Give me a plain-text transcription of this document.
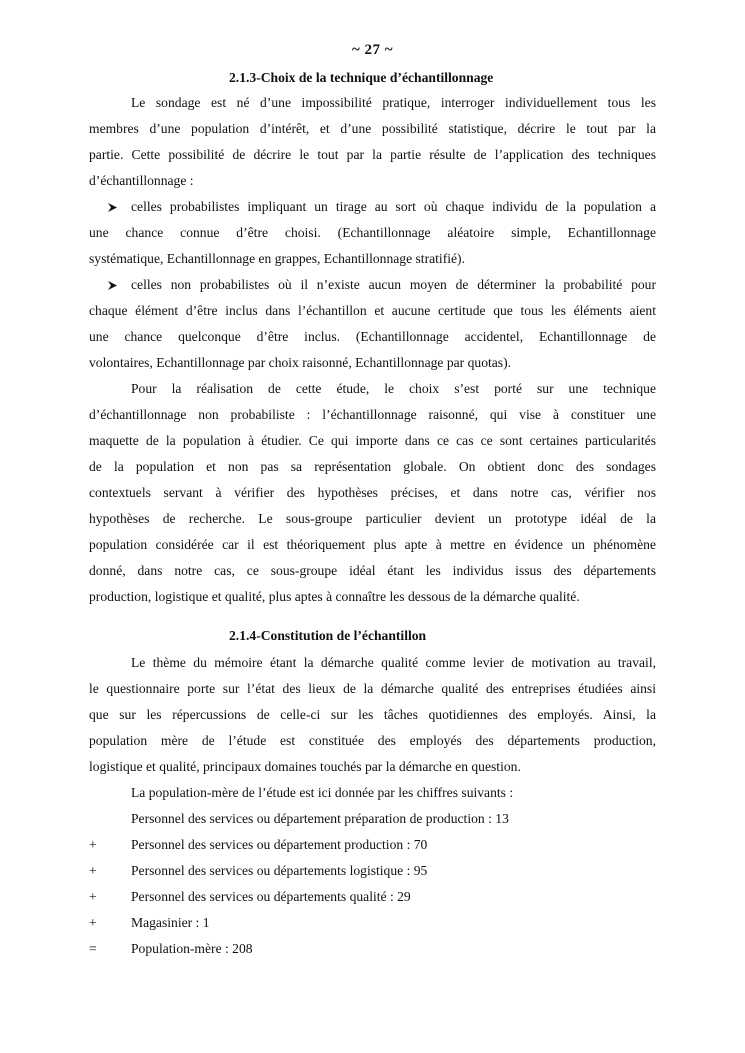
~ 27 ~
2.1.3-Choix de la technique d’échantillonnage
Le sondage est né d’une impossibilité pratique, interroger individuellement tous les
membres d’une population d’intérêt, et d’une possibilité statistique, décrire le tout par la
partie. Cette possibilité de décrire le tout par la partie résulte de l’application des techniques
d’échantillonnage :
celles probabilistes impliquant un tirage au sort où chaque individu de la population a
une chance connue d’être choisi. (Echantillonnage aléatoire simple, Echantillonnage
systématique, Echantillonnage en grappes, Echantillonnage stratifié).
celles non probabilistes où il n’existe aucun moyen de déterminer la probabilité pour
chaque élément d’être inclus dans l’échantillon et aucune certitude que tous les éléments aient
une chance quelconque d’être inclus. (Echantillonnage accidentel, Echantillonnage de
volontaires, Echantillonnage par choix raisonné, Echantillonnage par quotas).
Pour la réalisation de cette étude, le choix s’est porté sur une technique
d’échantillonnage non probabiliste : l’échantillonnage raisonné, qui vise à constituer une
maquette de la population à étudier. Ce qui importe dans ce cas ce sont certaines particularités
de la population et non pas sa représentation globale. On obtient donc des sondages
contextuels servant à vérifier des hypothèses précises, et dans notre cas, vérifier nos
hypothèses de recherche. Le sous-groupe particulier devient un prototype idéal de la
population considérée car il est théoriquement plus apte à mettre en évidence un phénomène
donné, dans notre cas, ce sous-groupe idéal étant les individus issus des départements
production, logistique et qualité, plus aptes à connaître les dessous de la démarche qualité.
2.1.4-Constitution de l’échantillon
Le thème du mémoire étant la démarche qualité comme levier de motivation au travail,
le questionnaire porte sur l’état des lieux de la démarche qualité des entreprises étudiées ainsi
que sur les répercussions de celle-ci sur les tâches quotidiennes des employés. Ainsi, la
population mère de l’étude est constituée des employés des départements production,
logistique et qualité, principaux domaines touchés par la démarche en question.
La population-mère de l’étude est ici donnée par les chiffres suivants :
Personnel des services ou département préparation de production : 13
+	Personnel des services ou département production : 70
+	Personnel des services ou départements logistique : 95
+	Personnel des services ou départements qualité : 29
+	Magasinier : 1
=	Population-mère : 208
